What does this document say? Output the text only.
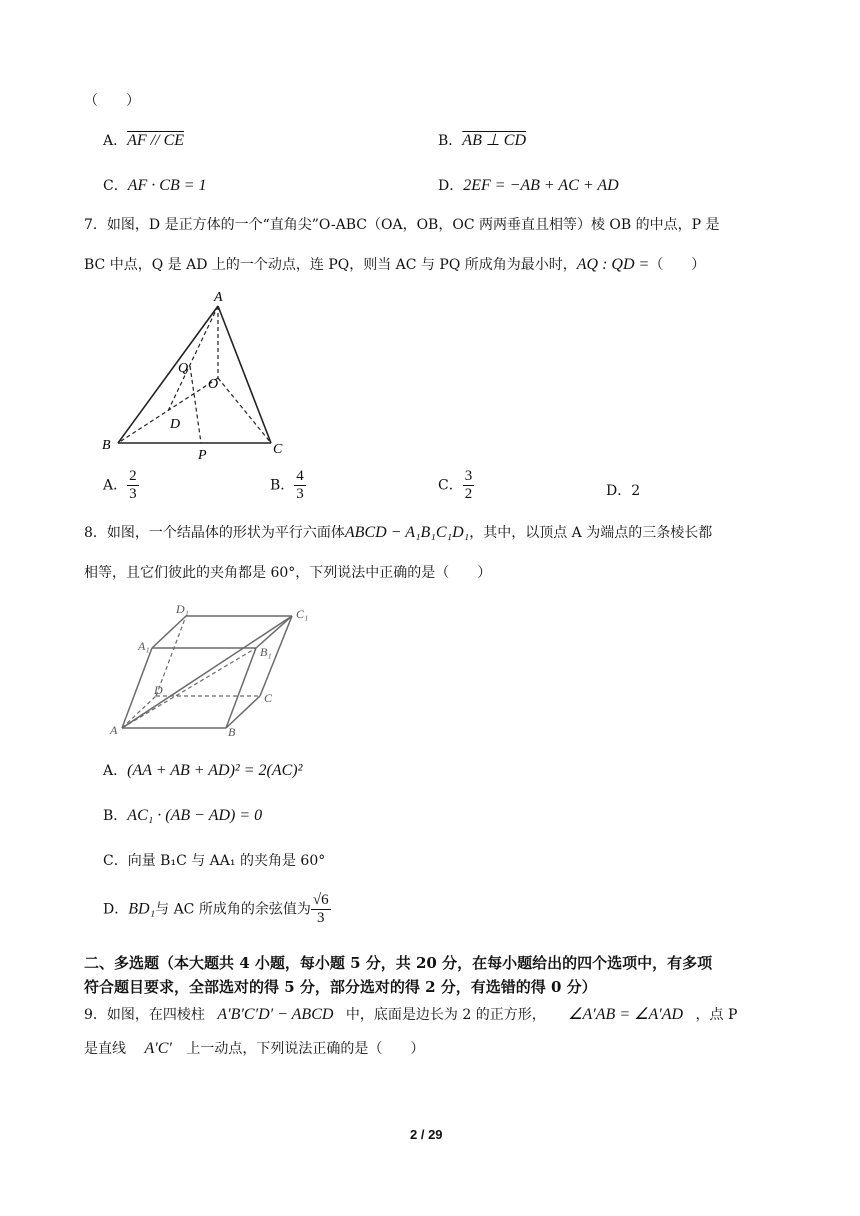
（　　）
A．AF // CE	B．AB ⊥ CD
C．AF · CB = 1	D．2EF = −AB + AC + AD
7．如图，D 是正方体的一个“直角尖”O-ABC（OA，OB，OC 两两垂直且相等）棱 OB 的中点，P 是
BC 中点，Q 是 AD 上的一个动点，连 PQ，则当 AC 与 PQ 所成角为最小时，AQ : QD =（　　）
A
Q
O
D
B
P	C
A． $\frac{2}{3}$	B． $\frac{4}{3}$	C． $\frac{3}{2}$	D．2
8．如图，一个结晶体的形状为平行六面体ABCD − A₁B₁C₁D₁，其中，以顶点 A 为端点的三条棱长都
相等，且它们彼此的夹角都是 60°，下列说法中正确的是（　　）
D₁	C₁
A₁	B₁
D
C
A	B
A．(AA + AB + AD)² = 2(AC)²
B．AC₁ · (AB − AD) = 0
C．向量 B₁C 与 AA₁ 的夹角是 60°
D．BD₁与 AC 所成角的余弦值为 $\frac{√6}{3}$
二、多选题（本大题共 4 小题，每小题 5 分，共 20 分，在每小题给出的四个选项中，有多项
符合题目要求，全部选对的得 5 分，部分选对的得 2 分，有选错的得 0 分）
9．如图，在四棱柱 A′B′C′D′ − ABCD 中，底面是边长为 2 的正方形， ∠A′AB = ∠A′AD ，点 P
是直线 A′C′ 上一动点，下列说法正确的是（　　）
2 / 29
